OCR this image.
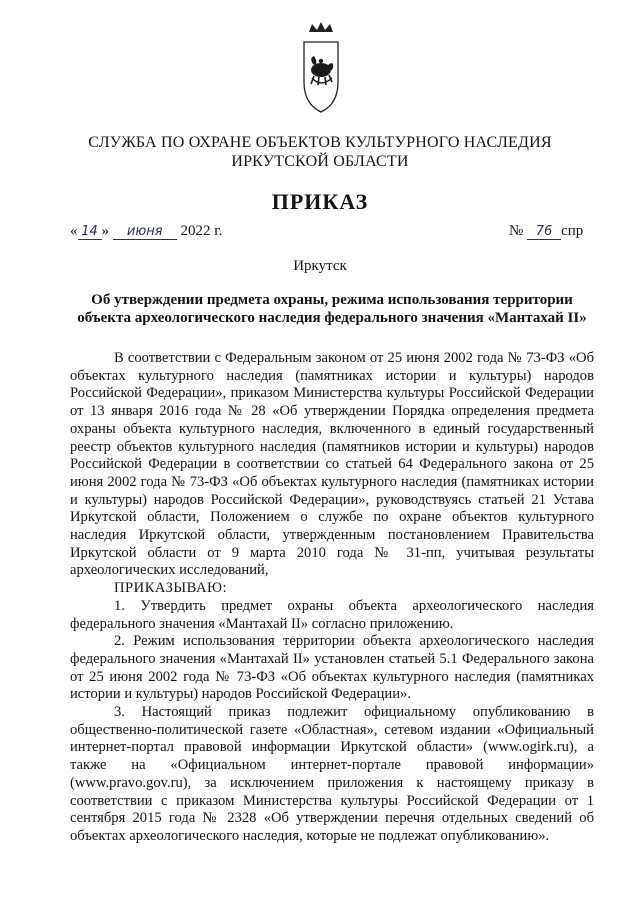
СЛУЖБА ПО ОХРАНЕ ОБЪЕКТОВ КУЛЬТУРНОГО НАСЛЕДИЯ
ИРКУТСКОЙ ОБЛАСТИ
ПРИКАЗ
« 14 » июня 2022 г.	№ 76 спр
Иркутск
Об утверждении предмета охраны, режима использования территории объекта археологического наследия федерального значения «Мантахай II»

В соответствии с Федеральным законом от 25 июня 2002 года № 73-ФЗ «Об объектах культурного наследия (памятниках истории и культуры) народов Российской Федерации», приказом Министерства культуры Российской Федерации от 13 января 2016 года № 28 «Об утверждении Порядка определения предмета охраны объекта культурного наследия, включенного в единый государственный реестр объектов культурного наследия (памятников истории и культуры) народов Российской Федерации в соответствии со статьей 64 Федерального закона от 25 июня 2002 года № 73-ФЗ «Об объектах культурного наследия (памятниках истории и культуры) народов Российской Федерации», руководствуясь статьей 21 Устава Иркутской области, Положением о службе по охране объектов культурного наследия Иркутской области, утвержденным постановлением Правительства Иркутской области от 9 марта 2010 года № 31-пп, учитывая результаты археологических исследований,

ПРИКАЗЫВАЮ:

1. Утвердить предмет охраны объекта археологического наследия федерального значения «Мантахай II» согласно приложению.

2. Режим использования территории объекта археологического наследия федерального значения «Мантахай II» установлен статьей 5.1 Федерального закона от 25 июня 2002 года № 73-ФЗ «Об объектах культурного наследия (памятниках истории и культуры) народов Российской Федерации».

3. Настоящий приказ подлежит официальному опубликованию в общественно-политической газете «Областная», сетевом издании «Официальный интернет-портал правовой информации Иркутской области» (www.ogirk.ru), а также на «Официальном интернет-портале правовой информации» (www.pravo.gov.ru), за исключением приложения к настоящему приказу в соответствии с приказом Министерства культуры Российской Федерации от 1 сентября 2015 года № 2328 «Об утверждении перечня отдельных сведений об объектах археологического наследия, которые не подлежат опубликованию».
